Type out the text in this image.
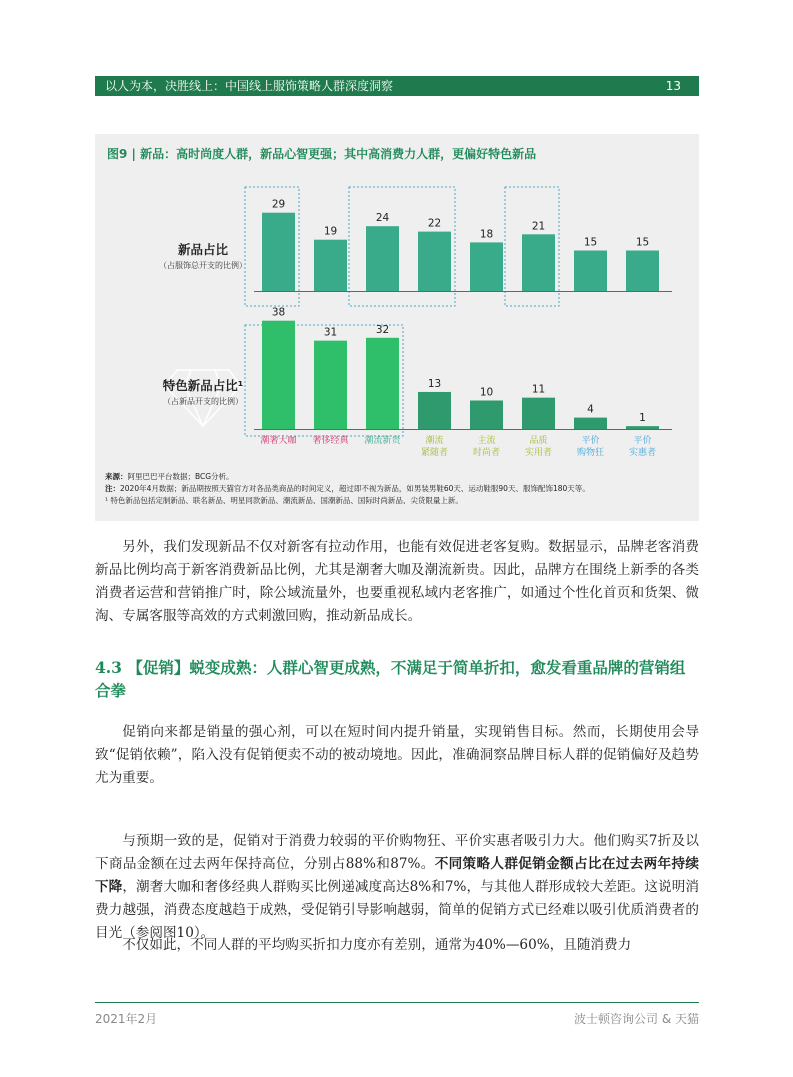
以人为本，决胜线上：中国线上服饰策略人群深度洞察	13
图9 | 新品：高时尚度人群，新品心智更强；其中高消费力人群，更偏好特色新品
29
19
24	22
18
21
15	15
38
31	32
13
10	11
4
1
潮奢大咖 奢侈经典 潮流新贵	潮流
紧随者
主流
时尚者
品质
实用者
平价
购物狂
平价
实惠者
新品占比
（占服饰总开支的比例）
特色新品占比¹
（占新品开支的比例）
来源：阿里巴巴平台数据；BCG分析。
注：2020年4月数据；新品期按照天猫官方对各品类商品的时间定义，超过即不视为新品，如男装男鞋60天、运动鞋服90天、服饰配饰180天等。
¹ 特色新品包括定制新品、联名新品、明星同款新品、潮流新品、国潮新品、国际时尚新品、尖货限量上新。
另外，我们发现新品不仅对新客有拉动作用，也能有效促进老客复购。数据显示，品牌老客消费新品比例均高于新客消费新品比例，尤其是潮奢大咖及潮流新贵。因此，品牌方在围绕上新季的各类消费者运营和营销推广时，除公域流量外，也要重视私域内老客推广，如通过个性化首页和货架、微淘、专属客服等高效的方式刺激回购，推动新品成长。
4.3 【促销】蜕变成熟：人群心智更成熟，不满足于简单折扣，愈发看重品牌的营销组合拳
促销向来都是销量的强心剂，可以在短时间内提升销量，实现销售目标。然而，长期使用会导致“促销依赖”，陷入没有促销便卖不动的被动境地。因此，准确洞察品牌目标人群的促销偏好及趋势尤为重要。
与预期一致的是，促销对于消费力较弱的平价购物狂、平价实惠者吸引力大。他们购买7折及以下商品金额在过去两年保持高位，分别占88%和87%。不同策略人群促销金额占比在过去两年持续下降，潮奢大咖和奢侈经典人群购买比例递减度高达8%和7%，与其他人群形成较大差距。这说明消费力越强，消费态度越趋于成熟，受促销引导影响越弱，简单的促销方式已经难以吸引优质消费者的目光（参阅图10）。
不仅如此，不同人群的平均购买折扣力度亦有差别，通常为40%—60%，且随消费力
2021年2月	波士顿咨询公司 & 天猫
